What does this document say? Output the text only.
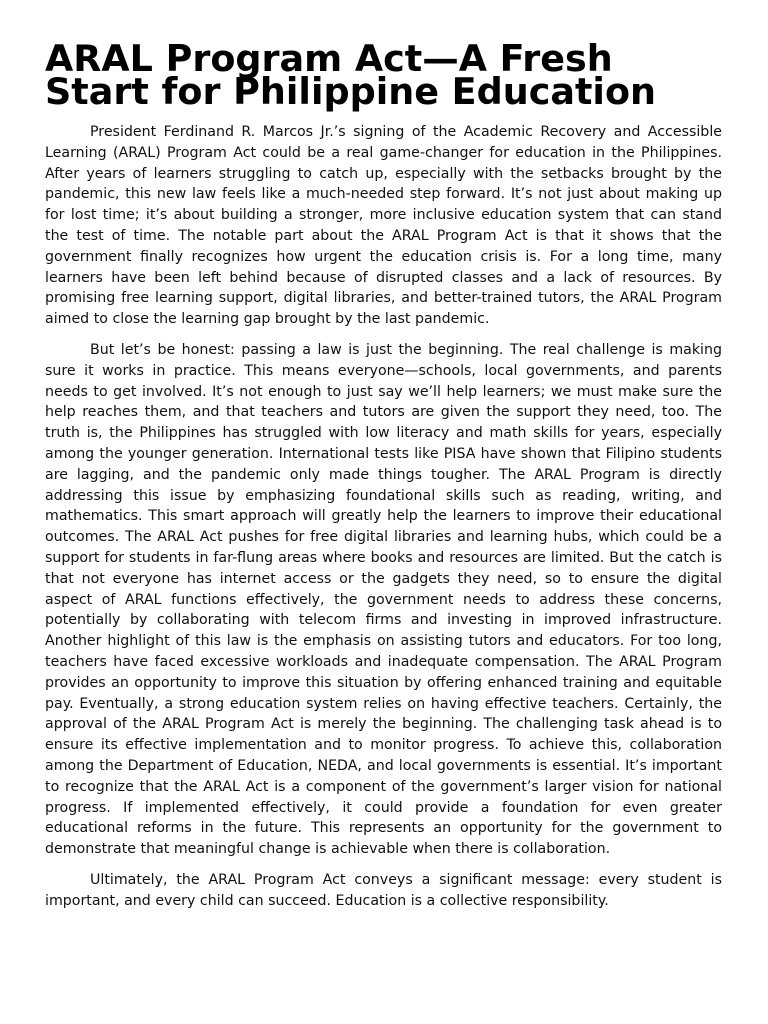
ARAL Program Act—A Fresh Start for Philippine Education

President Ferdinand R. Marcos Jr.’s signing of the Academic Recovery and Accessible Learning (ARAL) Program Act could be a real game-changer for education in the Philippines. After years of learners struggling to catch up, especially with the setbacks brought by the pandemic, this new law feels like a much-needed step forward. It’s not just about making up for lost time; it’s about building a stronger, more inclusive education system that can stand the test of time. The notable part about the ARAL Program Act is that it shows that the government finally recognizes how urgent the education crisis is. For a long time, many learners have been left behind because of disrupted classes and a lack of resources. By promising free learning support, digital libraries, and better-trained tutors, the ARAL Program aimed to close the learning gap brought by the last pandemic.

But let’s be honest: passing a law is just the beginning. The real challenge is making sure it works in practice. This means everyone—schools, local governments, and parents needs to get involved. It’s not enough to just say we’ll help learners; we must make sure the help reaches them, and that teachers and tutors are given the support they need, too. The truth is, the Philippines has struggled with low literacy and math skills for years, especially among the younger generation. International tests like PISA have shown that Filipino students are lagging, and the pandemic only made things tougher. The ARAL Program is directly addressing this issue by emphasizing foundational skills such as reading, writing, and mathematics. This smart approach will greatly help the learners to improve their educational outcomes. The ARAL Act pushes for free digital libraries and learning hubs, which could be a support for students in far-flung areas where books and resources are limited. But the catch is that not everyone has internet access or the gadgets they need, so to ensure the digital aspect of ARAL functions effectively, the government needs to address these concerns, potentially by collaborating with telecom firms and investing in improved infrastructure. Another highlight of this law is the emphasis on assisting tutors and educators. For too long, teachers have faced excessive workloads and inadequate compensation. The ARAL Program provides an opportunity to improve this situation by offering enhanced training and equitable pay. Eventually, a strong education system relies on having effective teachers. Certainly, the approval of the ARAL Program Act is merely the beginning. The challenging task ahead is to ensure its effective implementation and to monitor progress. To achieve this, collaboration among the Department of Education, NEDA, and local governments is essential. It’s important to recognize that the ARAL Act is a component of the government’s larger vision for national progress. If implemented effectively, it could provide a foundation for even greater educational reforms in the future. This represents an opportunity for the government to demonstrate that meaningful change is achievable when there is collaboration.

Ultimately, the ARAL Program Act conveys a significant message: every student is important, and every child can succeed. Education is a collective responsibility.
